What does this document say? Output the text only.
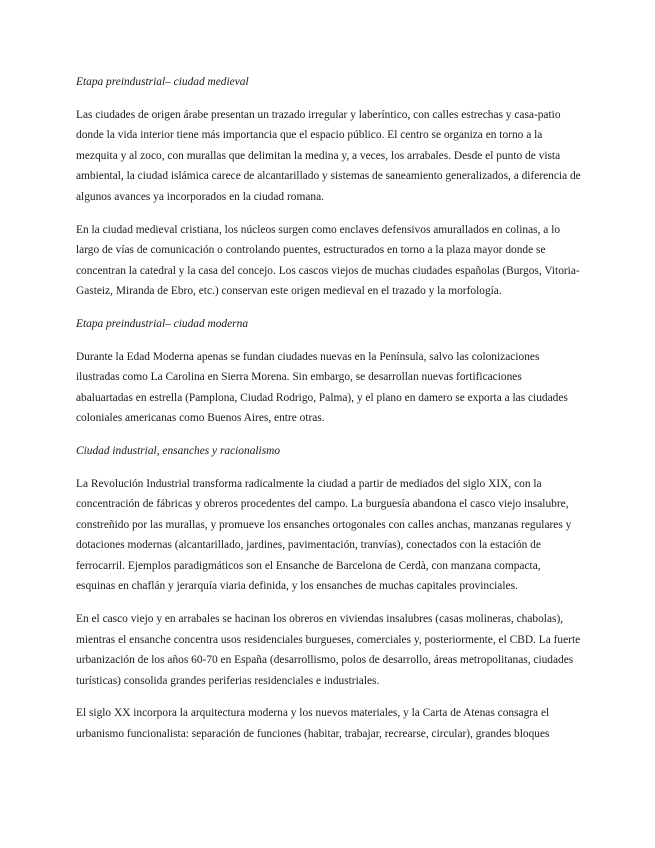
Etapa preindustrial– ciudad medieval

Las ciudades de origen árabe presentan un trazado irregular y laberíntico, con calles estrechas y casa-patio donde la vida interior tiene más importancia que el espacio público. El centro se organiza en torno a la mezquita y al zoco, con murallas que delimitan la medina y, a veces, los arrabales. Desde el punto de vista ambiental, la ciudad islámica carece de alcantarillado y sistemas de saneamiento generalizados, a diferencia de algunos avances ya incorporados en la ciudad romana.

En la ciudad medieval cristiana, los núcleos surgen como enclaves defensivos amurallados en colinas, a lo largo de vías de comunicación o controlando puentes, estructurados en torno a la plaza mayor donde se concentran la catedral y la casa del concejo. Los cascos viejos de muchas ciudades españolas (Burgos, Vitoria-Gasteiz, Miranda de Ebro, etc.) conservan este origen medieval en el trazado y la morfología.

Etapa preindustrial– ciudad moderna

Durante la Edad Moderna apenas se fundan ciudades nuevas en la Península, salvo las colonizaciones ilustradas como La Carolina en Sierra Morena. Sin embargo, se desarrollan nuevas fortificaciones abaluartadas en estrella (Pamplona, Ciudad Rodrigo, Palma), y el plano en damero se exporta a las ciudades coloniales americanas como Buenos Aires, entre otras.

Ciudad industrial, ensanches y racionalismo

La Revolución Industrial transforma radicalmente la ciudad a partir de mediados del siglo XIX, con la concentración de fábricas y obreros procedentes del campo. La burguesía abandona el casco viejo insalubre, constreñido por las murallas, y promueve los ensanches ortogonales con calles anchas, manzanas regulares y dotaciones modernas (alcantarillado, jardines, pavimentación, tranvías), conectados con la estación de ferrocarril. Ejemplos paradigmáticos son el Ensanche de Barcelona de Cerdà, con manzana compacta, esquinas en chaflán y jerarquía viaria definida, y los ensanches de muchas capitales provinciales.

En el casco viejo y en arrabales se hacinan los obreros en viviendas insalubres (casas molineras, chabolas), mientras el ensanche concentra usos residenciales burgueses, comerciales y, posteriormente, el CBD. La fuerte urbanización de los años 60-70 en España (desarrollismo, polos de desarrollo, áreas metropolitanas, ciudades turísticas) consolida grandes periferias residenciales e industriales.

El siglo XX incorpora la arquitectura moderna y los nuevos materiales, y la Carta de Atenas consagra el urbanismo funcionalista: separación de funciones (habitar, trabajar, recrearse, circular), grandes bloques
